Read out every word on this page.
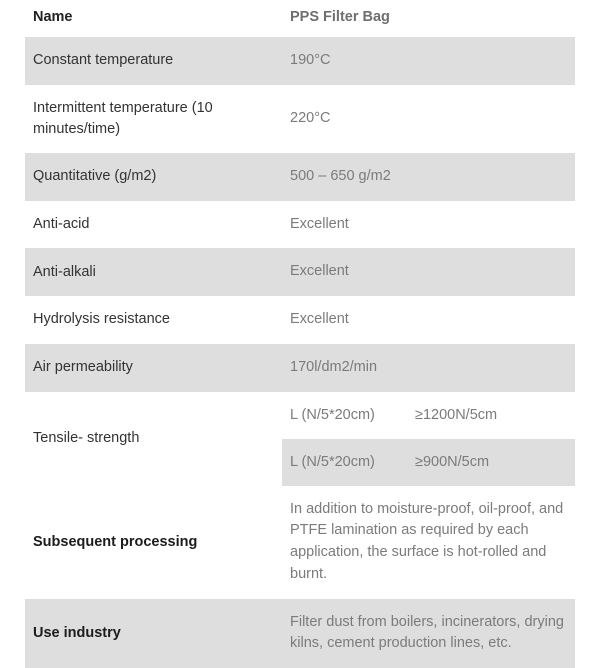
Name	PPS Filter Bag
Constant temperature	190°C
Intermittent temperature (10 minutes/time)	220°C
Quantitative (g/m2)	500 – 650 g/m2
Anti-acid	Excellent
Anti-alkali	Excellent
Hydrolysis resistance	Excellent
Air permeability	170l/dm2/min
Tensile- strength	
L (N/5*20cm)	≥1200N/5cm
L (N/5*20cm)	≥900N/5cm

Subsequent processing	In addition to moisture-proof, oil-proof, and PTFE lamination as required by each application, the surface is hot-rolled and burnt.
Use industry	Filter dust from boilers, incinerators, drying kilns, cement production lines, etc.
